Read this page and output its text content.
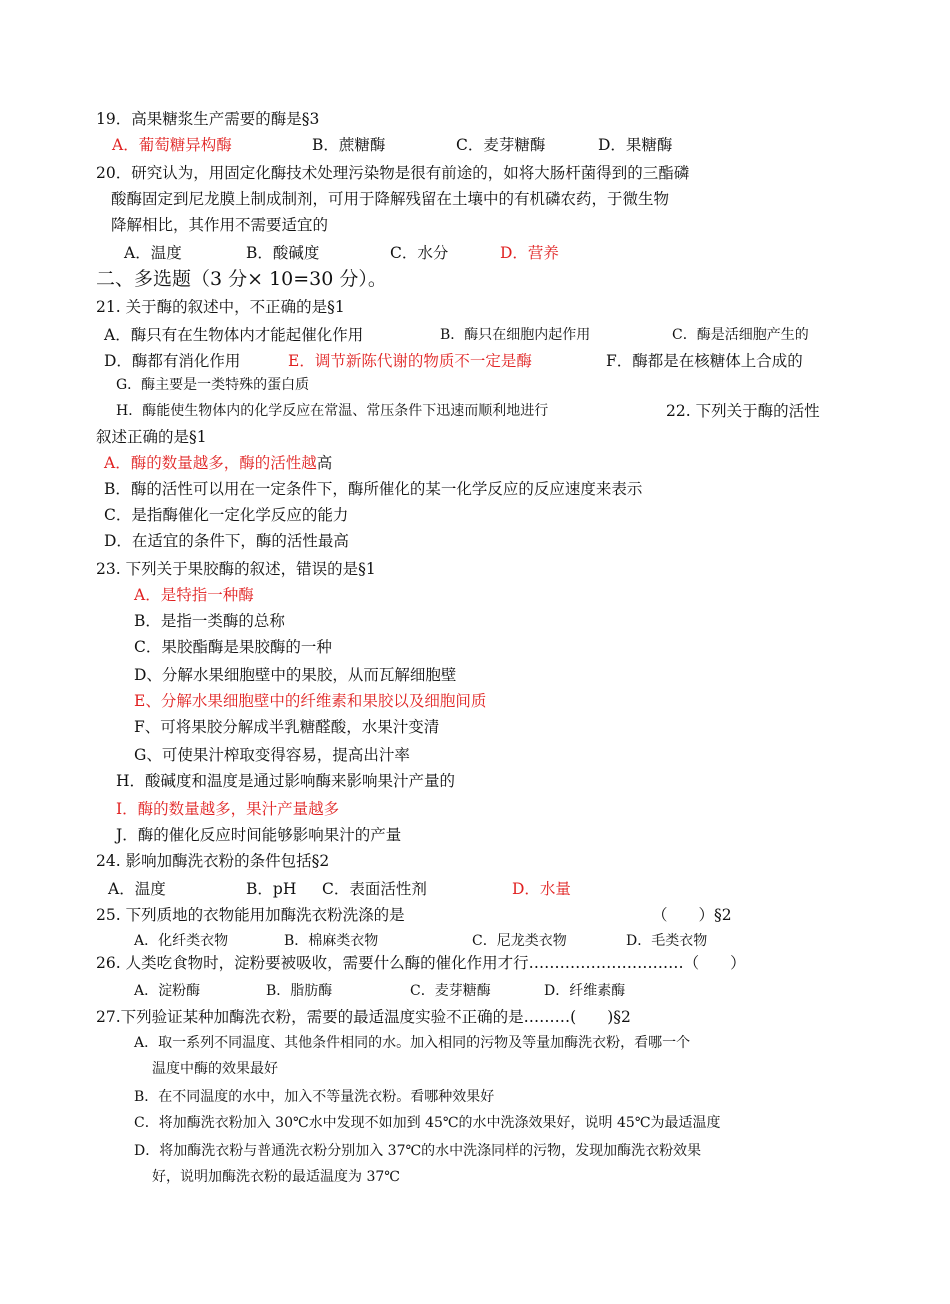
19．高果糖浆生产需要的酶是§3
A．葡萄糖异构酶	B．蔗糖酶	C．麦芽糖酶	D．果糖酶
20．研究认为，用固定化酶技术处理污染物是很有前途的，如将大肠杆菌得到的三酯磷
酸酶固定到尼龙膜上制成制剂，可用于降解残留在土壤中的有机磷农药，于微生物
降解相比，其作用不需要适宜的
A．温度	B．酸碱度	C．水分	D．营养
二、多选题（3 分× 10=30 分）。
21. 关于酶的叙述中，不正确的是§1
A．酶只有在生物体内才能起催化作用	B．酶只在细胞内起作用	C．酶是活细胞产生的
D．酶都有消化作用	E．调节新陈代谢的物质不一定是酶	F．酶都是在核糖体上合成的
G．酶主要是一类特殊的蛋白质
H．酶能使生物体内的化学反应在常温、常压条件下迅速而顺利地进行	22. 下列关于酶的活性
叙述正确的是§1
A．酶的数量越多，酶的活性越高
B．酶的活性可以用在一定条件下，酶所催化的某一化学反应的反应速度来表示
C．是指酶催化一定化学反应的能力
D．在适宜的条件下，酶的活性最高
23. 下列关于果胶酶的叙述，错误的是§1
A．是特指一种酶
B．是指一类酶的总称
C．果胶酯酶是果胶酶的一种
D、分解水果细胞壁中的果胶，从而瓦解细胞壁
E、分解水果细胞壁中的纤维素和果胶以及细胞间质
F、可将果胶分解成半乳糖醛酸，水果汁变清
G、可使果汁榨取变得容易，提高出汁率
H．酸碱度和温度是通过影响酶来影响果汁产量的
I．酶的数量越多，果汁产量越多
J．酶的催化反应时间能够影响果汁的产量
24. 影响加酶洗衣粉的条件包括§2
A．温度	B．pH C．表面活性剂	D．水量
25. 下列质地的衣物能用加酶洗衣粉洗涤的是	（　　）§2
A．化纤类衣物	B．棉麻类衣物	C．尼龙类衣物	D．毛类衣物
26. 人类吃食物时，淀粉要被吸收，需要什么酶的催化作用才行…………………………（　　）
A．淀粉酶	B．脂肪酶	C．麦芽糖酶	D．纤维素酶
27.下列验证某种加酶洗衣粉，需要的最适温度实验不正确的是………(　　)§2
A．取一系列不同温度、其他条件相同的水。加入相同的污物及等量加酶洗衣粉，看哪一个
温度中酶的效果最好
B．在不同温度的水中，加入不等量洗衣粉。看哪种效果好
C．将加酶洗衣粉加入 30℃水中发现不如加到 45℃的水中洗涤效果好，说明 45℃为最适温度
D．将加酶洗衣粉与普通洗衣粉分别加入 37℃的水中洗涤同样的污物，发现加酶洗衣粉效果
好，说明加酶洗衣粉的最适温度为 37℃
